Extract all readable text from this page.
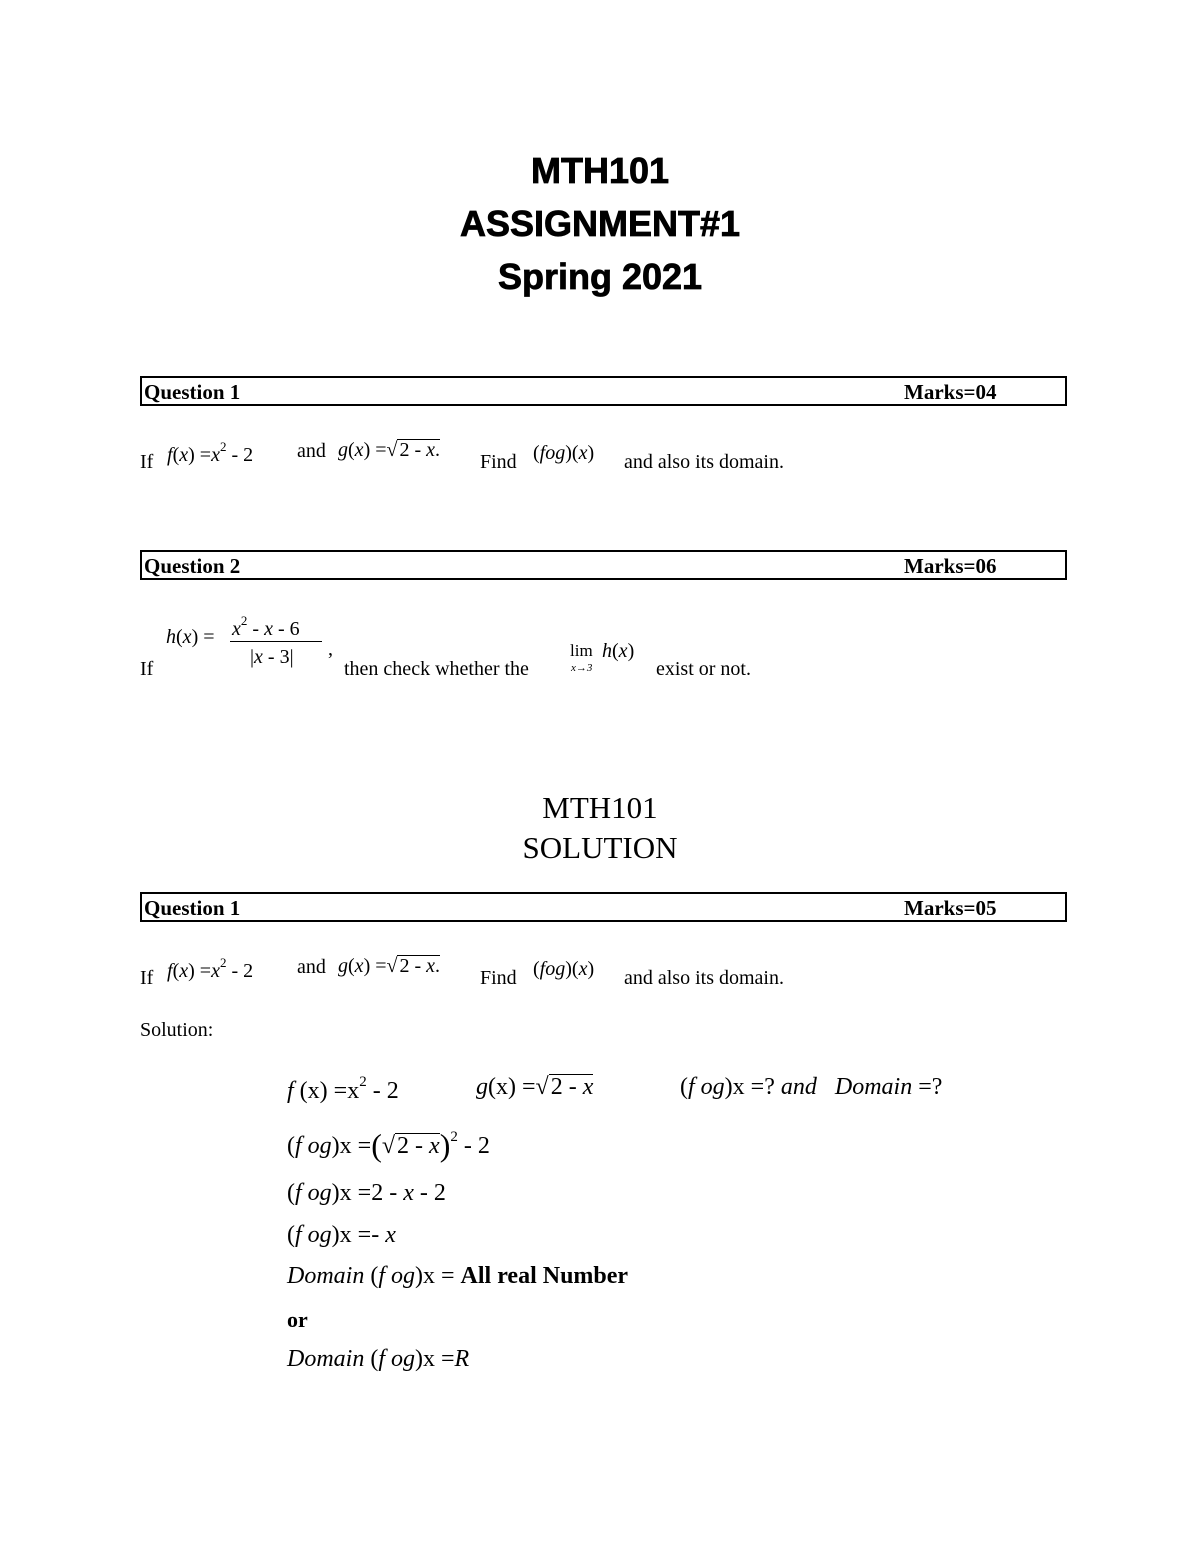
MTH101
ASSIGNMENT#1
Spring 2021
Question 1	Marks=04
If $f(x) =x^2 - 2$ and g(x) =√ 2 - x.
Find (fog)(x) and also its domain.
Question 2	Marks=06
If
$h(x) = x^2 - x - 6$
|x - 3| ,
then check whether the
lim
x→3
h(x)
exist or not.
MTH101
SOLUTION
Question 1	Marks=05
If $f(x) =x^2 - 2$ and g(x) =√ 2 - x.
Find (fog)(x) and also its domain.
Solution:
f $(x) =x^2 - 2$	g(x) =√2 - x	(f og)x =? and Domain =?
(f og)x =(√2 - x)$^2$ - 2
(f og)x =2 - x - 2
(f og)x =- x
Domain (f og)x = All real Number
or
Domain (f og)x =R
